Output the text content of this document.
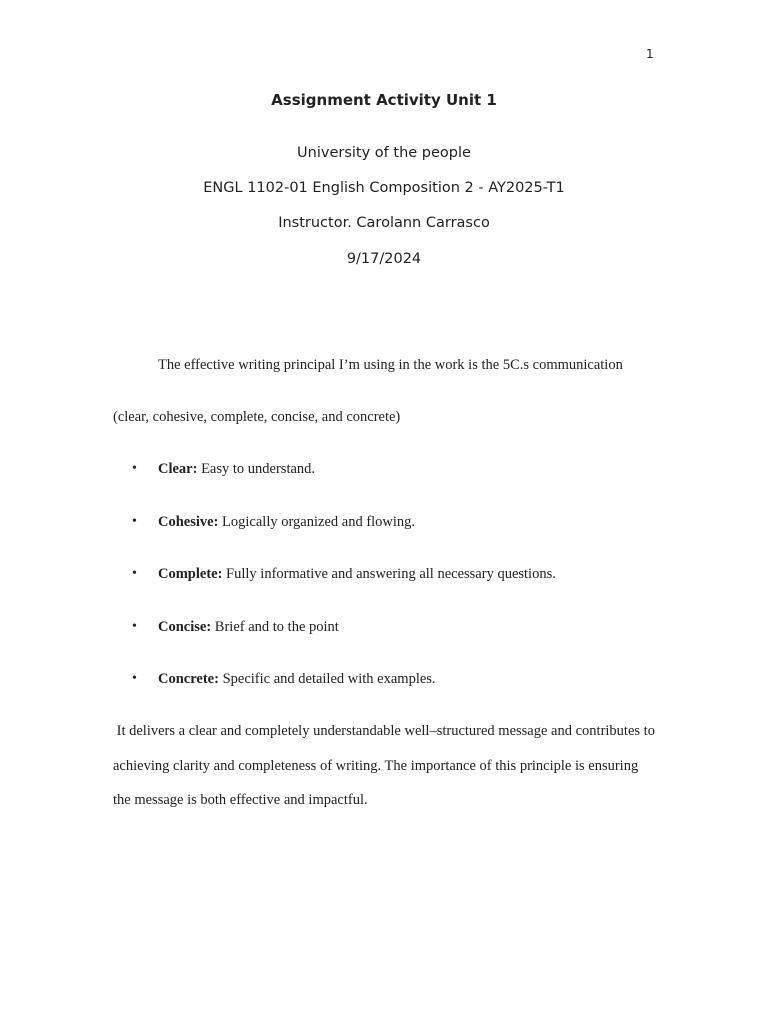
1
Assignment Activity Unit 1
University of the people
ENGL 1102-01 English Composition 2 - AY2025-T1
Instructor. Carolann Carrasco
9/17/2024
The effective writing principal I’m using in the work is the 5C.s communication
(clear, cohesive, complete, concise, and concrete)
• Clear: Easy to understand.
• Cohesive: Logically organized and flowing.
• Complete: Fully informative and answering all necessary questions.
• Concise: Brief and to the point
• Concrete: Specific and detailed with examples.
It delivers a clear and completely understandable well–structured message and contributes to
achieving clarity and completeness of writing. The importance of this principle is ensuring
the message is both effective and impactful.
